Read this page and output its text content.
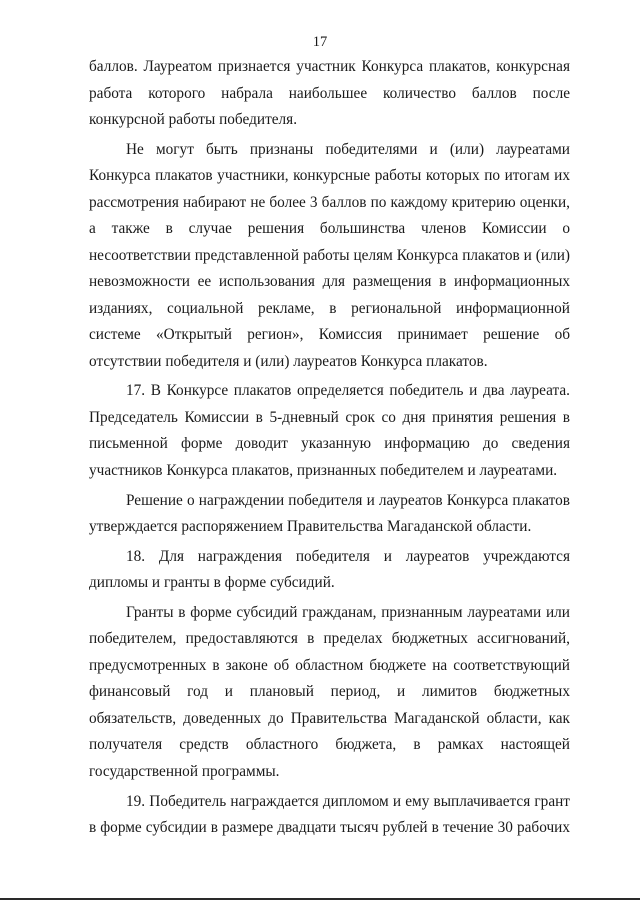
17

баллов. Лауреатом признается участник Конкурса плакатов, конкурсная работа которого набрала наибольшее количество баллов после конкурсной работы победителя.

Не могут быть признаны победителями и (или) лауреатами Конкурса плакатов участники, конкурсные работы которых по итогам их рассмотрения набирают не более 3 баллов по каждому критерию оценки, а также в случае решения большинства членов Комиссии о несоответствии представленной работы целям Конкурса плакатов и (или) невозможности ее использования для размещения в информационных изданиях, социальной рекламе, в региональной информационной системе «Открытый регион», Комиссия принимает решение об отсутствии победителя и (или) лауреатов Конкурса плакатов.

17. В Конкурсе плакатов определяется победитель и два лауреата. Председатель Комиссии в 5-дневный срок со дня принятия решения в письменной форме доводит указанную информацию до сведения участников Конкурса плакатов, признанных победителем и лауреатами.

Решение о награждении победителя и лауреатов Конкурса плакатов утверждается распоряжением Правительства Магаданской области.

18. Для награждения победителя и лауреатов учреждаются дипломы и гранты в форме субсидий.

Гранты в форме субсидий гражданам, признанным лауреатами или победителем, предоставляются в пределах бюджетных ассигнований, предусмотренных в законе об областном бюджете на соответствующий финансовый год и плановый период, и лимитов бюджетных обязательств, доведенных до Правительства Магаданской области, как получателя средств областного бюджета, в рамках настоящей государственной программы.

19. Победитель награждается дипломом и ему выплачивается грант в форме субсидии в размере двадцати тысяч рублей в течение 30 рабочих
